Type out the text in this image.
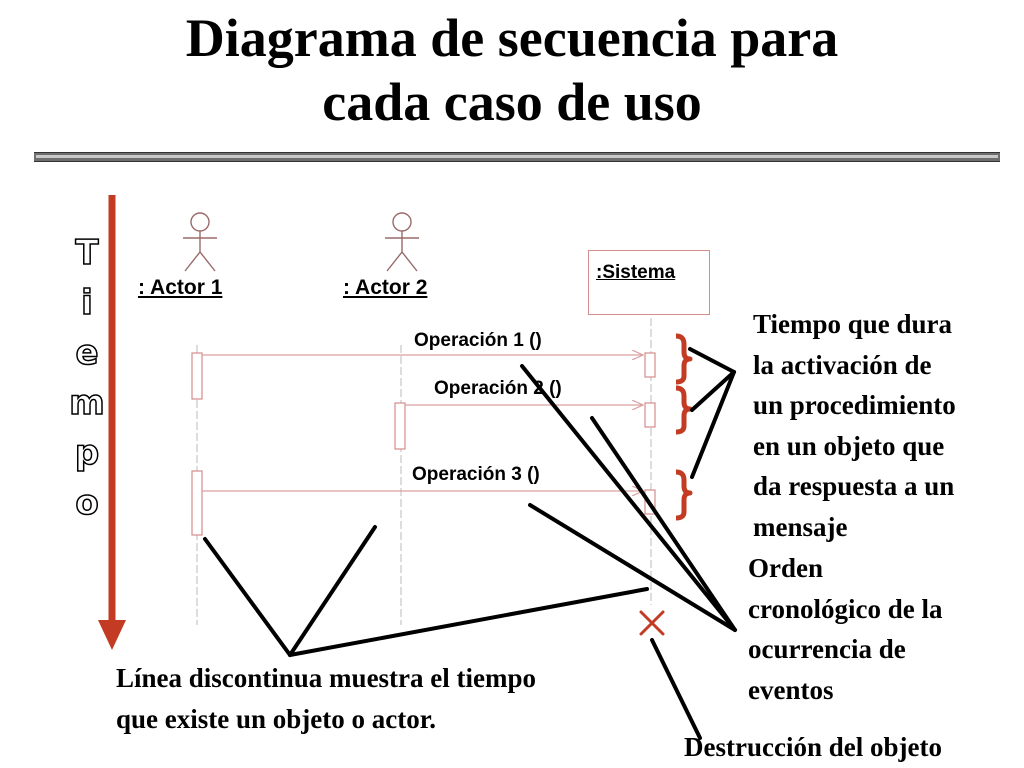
Diagrama de secuencia para
cada caso de uso
T
i
e
m
p
o
: Actor 1	: Actor 2
:Sistema
Operación 1 ()
Operación 2 ()
Operación 3 ()
Tiempo que dura
la activación de
un procedimiento
en un objeto que
da respuesta a un
mensaje
Orden
cronológico de la
ocurrencia de
eventos
Línea discontinua muestra el tiempo
que existe un objeto o actor.
Destrucción del objeto
